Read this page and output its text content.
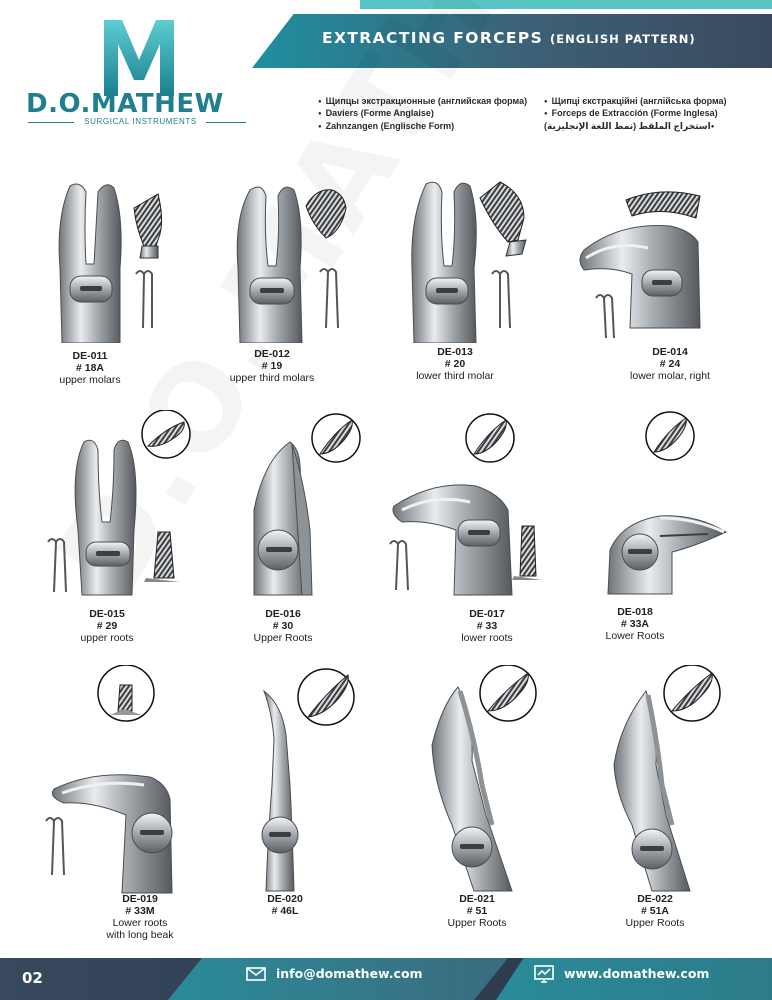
EXTRACTING FORCEPS (ENGLISH PATTERN)
D.O.MATHEW
SURGICAL INSTRUMENTS
● Щипцы экстракционные (английская форма)
● Daviers (Forme Anglaise)
● Zahnzangen (Englische Form)
● Щипці єкстракційні (англійська форма)
● Forceps de Extracción (Forme Inglesa)
● استخراج الملقط (نمط اللغة الإنجليزية)
DE-011
# 18A
upper molars
DE-012
# 19
upper third molars
DE-013
# 20
lower third molar
DE-014
# 24
lower molar, right
DE-015
# 29
upper roots
DE-016
# 30
Upper Roots
DE-017
# 33
lower roots
DE-018
# 33A
Lower Roots
DE-019
# 33M
Lower roots
with long beak
DE-020
# 46L
DE-021
# 51
Upper Roots
DE-022
# 51A
Upper Roots
02	info@domathew.com	www.domathew.com
